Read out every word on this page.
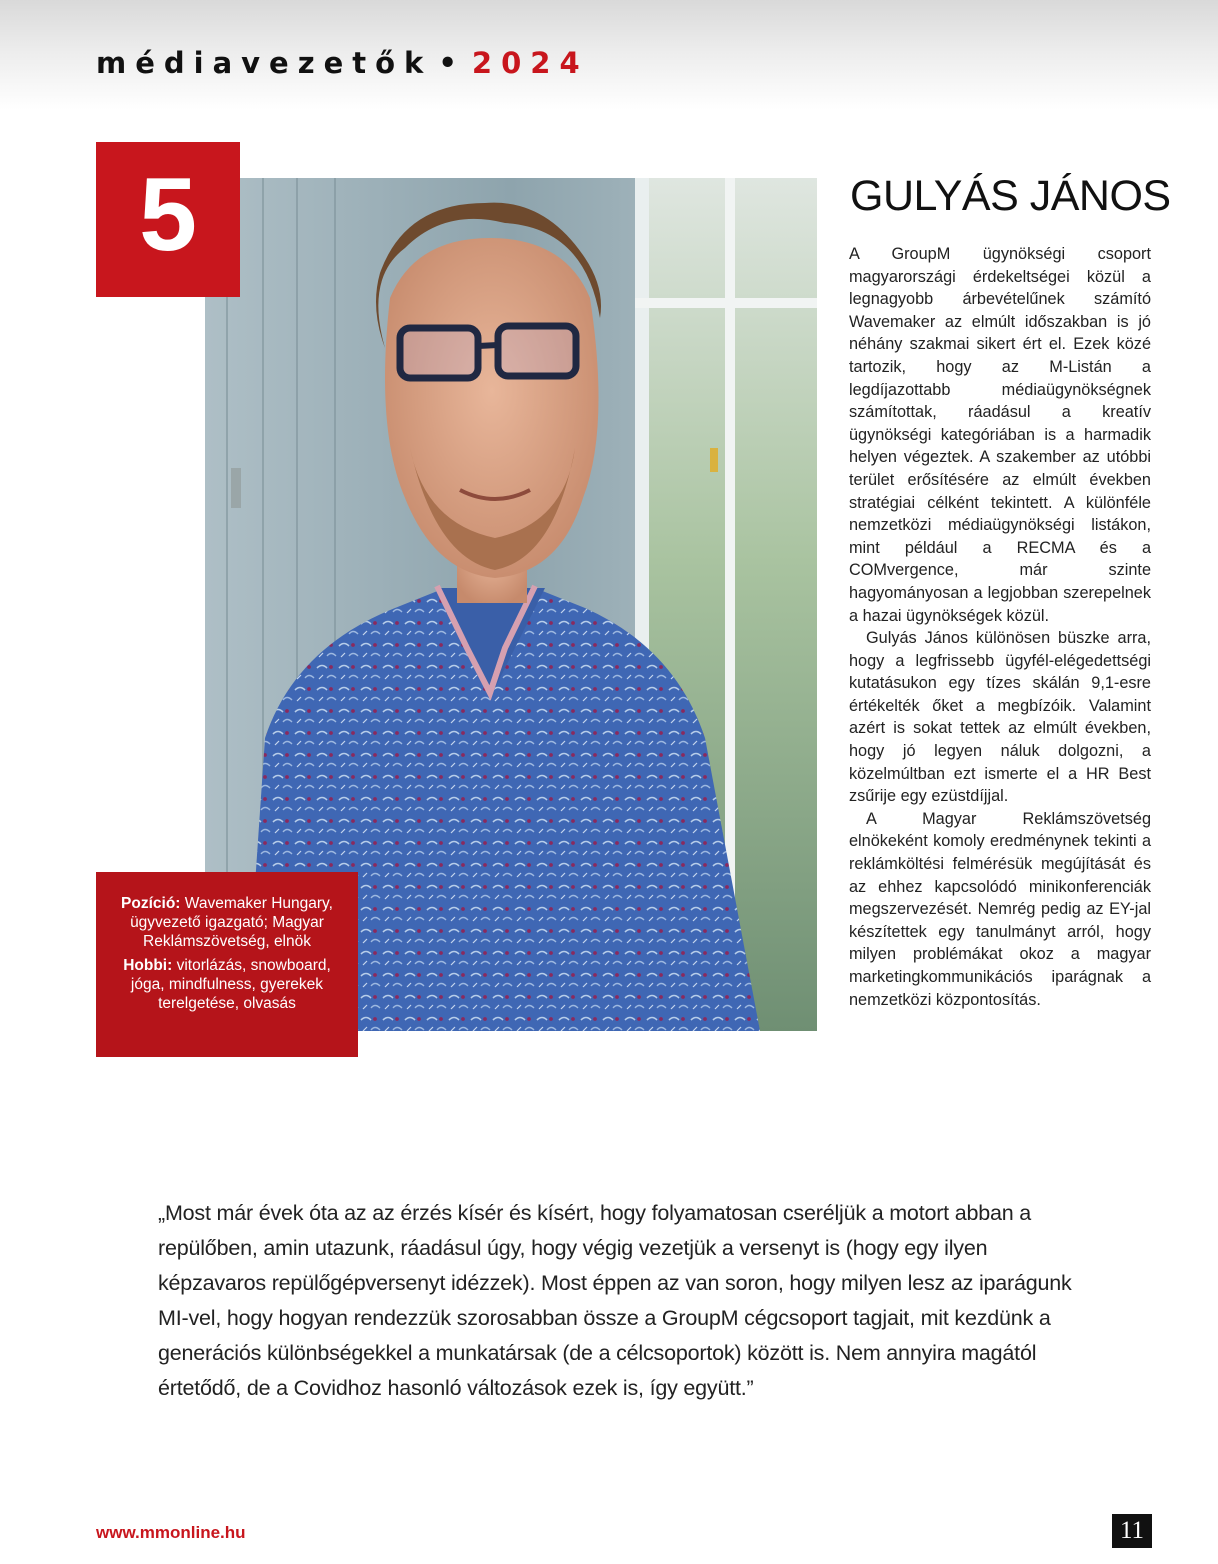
médiavezetők • 2024
5

Pozíció: Wavemaker Hungary, ügyvezető igazgató; Magyar Reklámszövetség, elnök

Hobbi: vitorlázás, snowboard, jóga, mindfulness, gyerekek terelgetése, olvasás

GULYÁS JÁNOS

A GroupM ügynökségi csoport magyarországi érdekeltségei közül a legnagyobb árbevételűnek számító Wavemaker az elmúlt időszakban is jó néhány szakmai sikert ért el. Ezek közé tartozik, hogy az M-Listán a legdíjazottabb médiaügynökségnek számítottak, ráadásul a kreatív ügynökségi kategóriában is a harmadik helyen végeztek. A szakember az utóbbi terület erősítésére az elmúlt években stratégiai célként tekintett. A különféle nemzetközi médiaügynökségi listákon, mint például a RECMA és a COMvergence, már szinte hagyományosan a legjobban szerepelnek a hazai ügynökségek közül.

Gulyás János különösen büszke arra, hogy a legfrissebb ügyfél-elégedettségi kutatásukon egy tízes skálán 9,1-esre értékelték őket a megbízóik. Valamint azért is sokat tettek az elmúlt években, hogy jó legyen náluk dolgozni, a közelmúltban ezt ismerte el a HR Best zsűrije egy ezüstdíjjal.

A Magyar Reklámszövetség elnökeként komoly eredménynek tekinti a reklámköltési felmérésük megújítását és az ehhez kapcsolódó minikonferenciák megszervezését. Nemrég pedig az EY-jal készítettek egy tanulmányt arról, hogy milyen problémákat okoz a magyar marketingkommunikációs iparágnak a nemzetközi központosítás.

„Most már évek óta az az érzés kísér és kísért, hogy folyamatosan cseréljük a motort abban a repülőben, amin utazunk, ráadásul úgy, hogy végig vezetjük a versenyt is (hogy egy ilyen képzavaros repülőgépversenyt idézzek). Most éppen az van soron, hogy milyen lesz az iparágunk MI-vel, hogy hogyan rendezzük szorosabban össze a GroupM cégcsoport tagjait, mit kezdünk a generációs különbségekkel a munkatársak (de a célcsoportok) között is. Nem annyira magától értetődő, de a Covidhoz hasonló változások ezek is, így együtt.”
www.mmonline.hu	11
